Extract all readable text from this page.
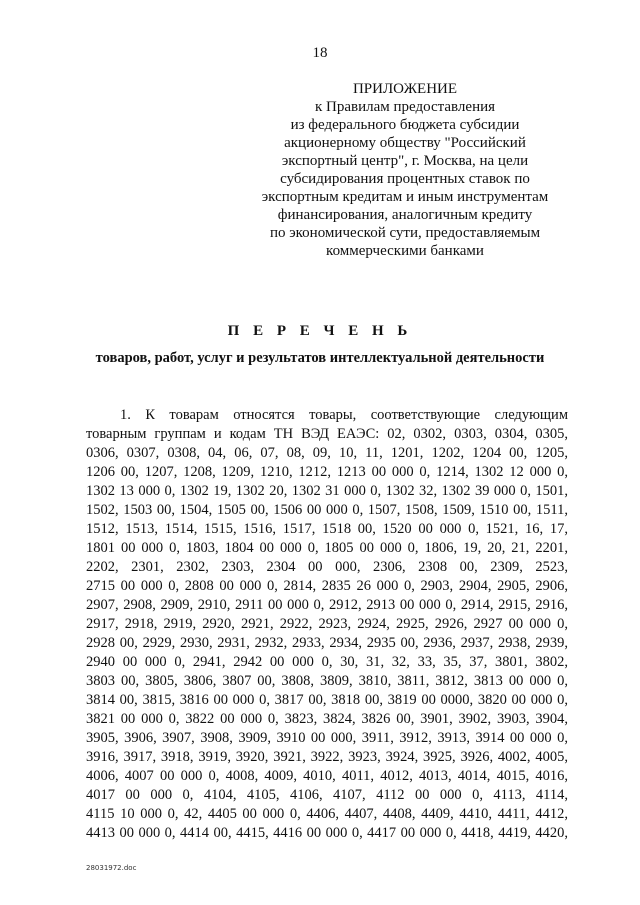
18
ПРИЛОЖЕНИЕ
к Правилам предоставления
из федерального бюджета субсидии
акционерному обществу "Российский
экспортный центр", г. Москва, на цели
субсидирования процентных ставок по
экспортным кредитам и иным инструментам
финансирования, аналогичным кредиту
по экономической сути, предоставляемым
коммерческими банками
П Е Р Е Ч Е Н Ь
товаров, работ, услуг и результатов интеллектуальной деятельности

1. К товарам относятся товары, соответствующие следующим

товарным группам и кодам ТН ВЭД ЕАЭС: 02, 0302, 0303, 0304, 0305,

0306, 0307, 0308, 04, 06, 07, 08, 09, 10, 11, 1201, 1202, 1204 00, 1205,

1206 00, 1207, 1208, 1209, 1210, 1212, 1213 00 000 0, 1214, 1302 12 000 0,

1302 13 000 0, 1302 19, 1302 20, 1302 31 000 0, 1302 32, 1302 39 000 0, 1501,

1502, 1503 00, 1504, 1505 00, 1506 00 000 0, 1507, 1508, 1509, 1510 00, 1511,

1512, 1513, 1514, 1515, 1516, 1517, 1518 00, 1520 00 000 0, 1521, 16, 17,

1801 00 000 0, 1803, 1804 00 000 0, 1805 00 000 0, 1806, 19, 20, 21, 2201,

2202, 2301, 2302, 2303, 2304 00 000, 2306, 2308 00, 2309, 2523,

2715 00 000 0, 2808 00 000 0, 2814, 2835 26 000 0, 2903, 2904, 2905, 2906,

2907, 2908, 2909, 2910, 2911 00 000 0, 2912, 2913 00 000 0, 2914, 2915, 2916,

2917, 2918, 2919, 2920, 2921, 2922, 2923, 2924, 2925, 2926, 2927 00 000 0,

2928 00, 2929, 2930, 2931, 2932, 2933, 2934, 2935 00, 2936, 2937, 2938, 2939,

2940 00 000 0, 2941, 2942 00 000 0, 30, 31, 32, 33, 35, 37, 3801, 3802,

3803 00, 3805, 3806, 3807 00, 3808, 3809, 3810, 3811, 3812, 3813 00 000 0,

3814 00, 3815, 3816 00 000 0, 3817 00, 3818 00, 3819 00 0000, 3820 00 000 0,

3821 00 000 0, 3822 00 000 0, 3823, 3824, 3826 00, 3901, 3902, 3903, 3904,

3905, 3906, 3907, 3908, 3909, 3910 00 000, 3911, 3912, 3913, 3914 00 000 0,

3916, 3917, 3918, 3919, 3920, 3921, 3922, 3923, 3924, 3925, 3926, 4002, 4005,

4006, 4007 00 000 0, 4008, 4009, 4010, 4011, 4012, 4013, 4014, 4015, 4016,

4017 00 000 0, 4104, 4105, 4106, 4107, 4112 00 000 0, 4113, 4114,

4115 10 000 0, 42, 4405 00 000 0, 4406, 4407, 4408, 4409, 4410, 4411, 4412,

4413 00 000 0, 4414 00, 4415, 4416 00 000 0, 4417 00 000 0, 4418, 4419, 4420,

28031972.doc
